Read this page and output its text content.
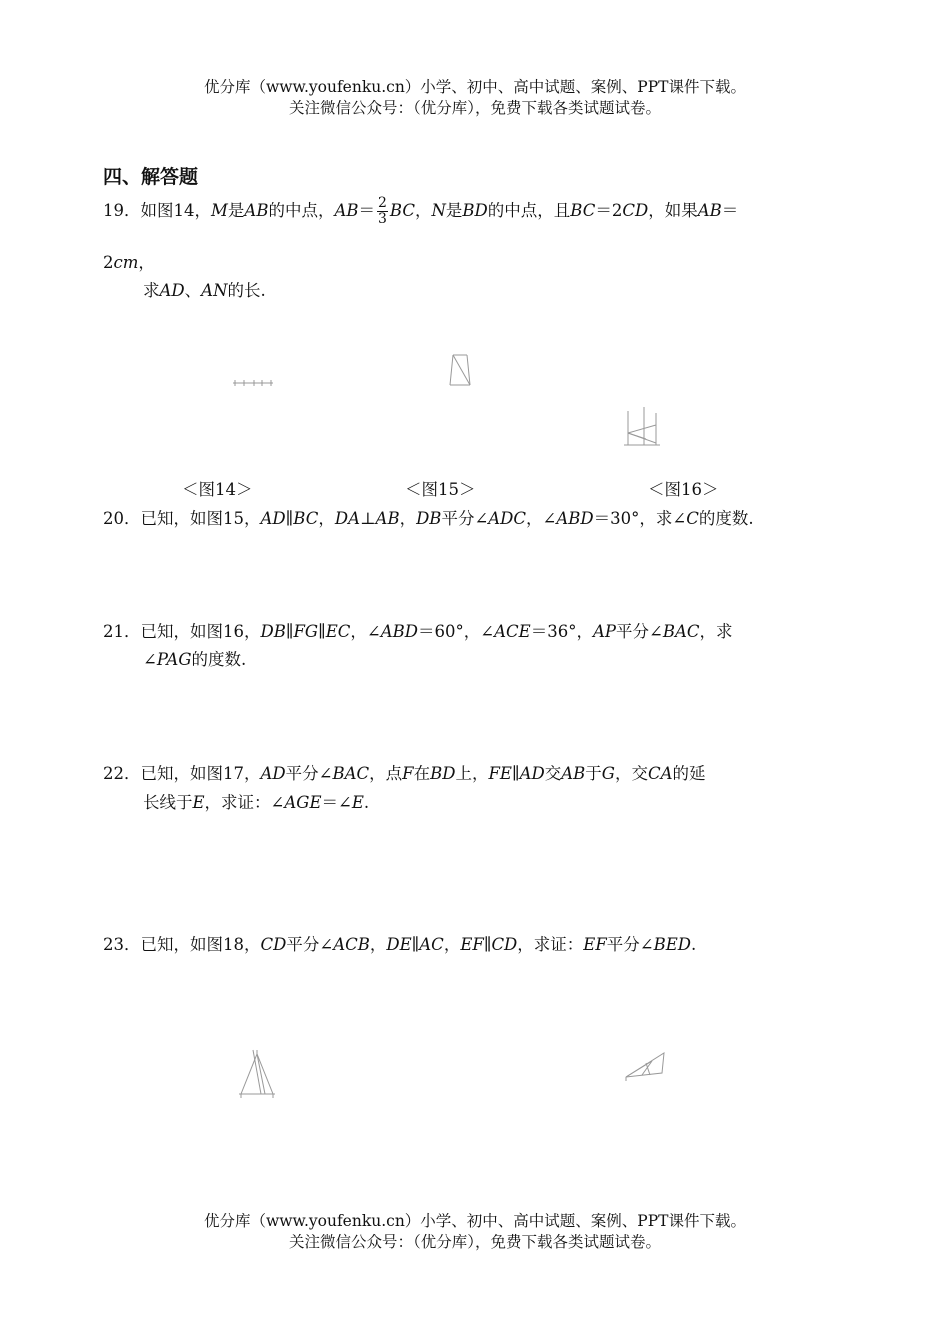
优分库（www.youfenku.cn）小学、初中、高中试题、案例、PPT课件下载。
关注微信公众号：（优分库），免费下载各类试题试卷。
四、解答题
19．如图14，M是AB的中点，$AB= \frac{2}{3}$ BC，N是BD的中点，且BC＝2CD，如果AB＝
2cm，
求AD、AN的长.
＜图14＞	＜图15＞	＜图16＞
20．已知，如图15，AD∥BC，DA⊥AB，DB平分∠ADC，∠ABD＝30°，求∠C的度数.
21．已知，如图16，DB∥FG∥EC，∠ABD＝60°，∠ACE＝36°，AP平分∠BAC，求
∠PAG的度数.
22．已知，如图17，AD平分∠BAC，点F在BD上，FE∥AD交AB于G，交CA的延
长线于E，求证：∠AGE＝∠E.
23．已知，如图18，CD平分∠ACB，DE∥AC，EF∥CD，求证：EF平分∠BED.
优分库（www.youfenku.cn）小学、初中、高中试题、案例、PPT课件下载。
关注微信公众号：（优分库），免费下载各类试题试卷。
